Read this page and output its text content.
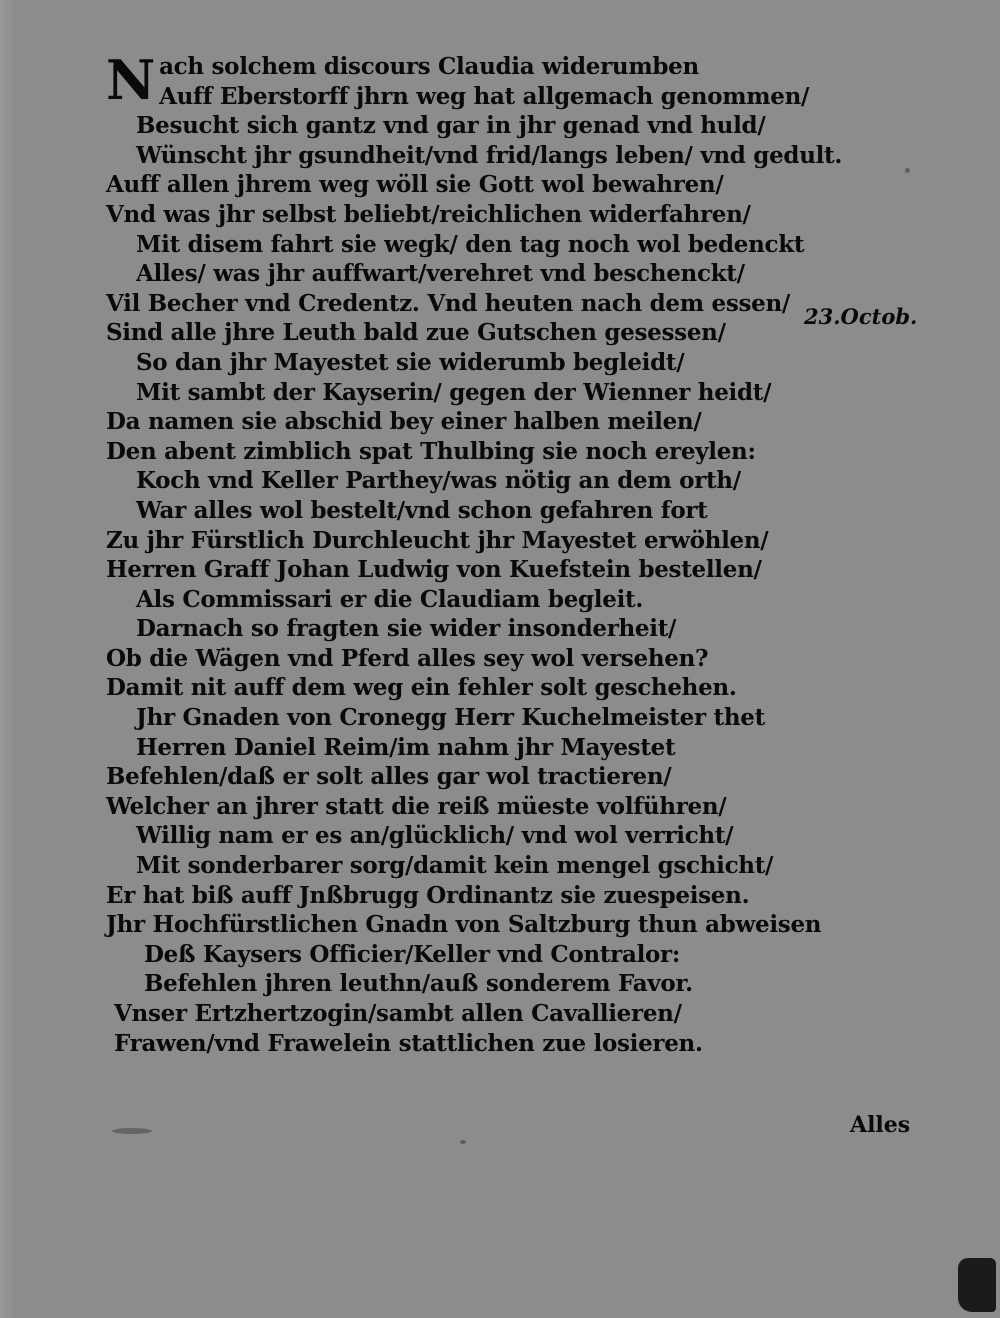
Nach solchem discours Claudia widerumben
Auff Eberstorff jhrn weg hat allgemach genommen/
Besucht sich gantz vnd gar in jhr genad vnd huld/
Wünscht jhr gsundheit/vnd frid/langs leben/ vnd gedult.
Auff allen jhrem weg wöll sie Gott wol bewahren/
Vnd was jhr selbst beliebt/reichlichen widerfahren/
Mit disem fahrt sie wegk/ den tag noch wol bedenckt
Alles/ was jhr auffwart/verehret vnd beschenckt/
Vil Becher vnd Credentz. Vnd heuten nach dem essen/
Sind alle jhre Leuth bald zue Gutschen gesessen/
So dan jhr Mayestet sie widerumb begleidt/
Mit sambt der Kayserin/ gegen der Wienner heidt/
Da namen sie abschid bey einer halben meilen/
Den abent zimblich spat Thulbing sie noch ereylen:
Koch vnd Keller Parthey/was nötig an dem orth/
War alles wol bestelt/vnd schon gefahren fort
Zu jhr Fürstlich Durchleucht jhr Mayestet erwöhlen/
Herren Graff Johan Ludwig von Kuefstein bestellen/
Als Commissari er die Claudiam begleit.
Darnach so fragten sie wider insonderheit/
Ob die Wägen vnd Pferd alles sey wol versehen?
Damit nit auff dem weg ein fehler solt geschehen.
Jhr Gnaden von Cronegg Herr Kuchelmeister thet
Herren Daniel Reim/im nahm jhr Mayestet
Befehlen/daß er solt alles gar wol tractieren/
Welcher an jhrer statt die reiß müeste volführen/
Willig nam er es an/glücklich/ vnd wol verricht/
Mit sonderbarer sorg/damit kein mengel gschicht/
Er hat biß auff Jnßbrugg Ordinantz sie zuespeisen.
Jhr Hochfürstlichen Gnadn von Saltzburg thun abweisen
Deß Kaysers Officier/Keller vnd Contralor:
Befehlen jhren leuthn/auß sonderem Favor.
Vnser Ertzhertzogin/sambt allen Cavallieren/
Frawen/vnd Frawelein stattlichen zue losieren.
23.Octob.
Alles
